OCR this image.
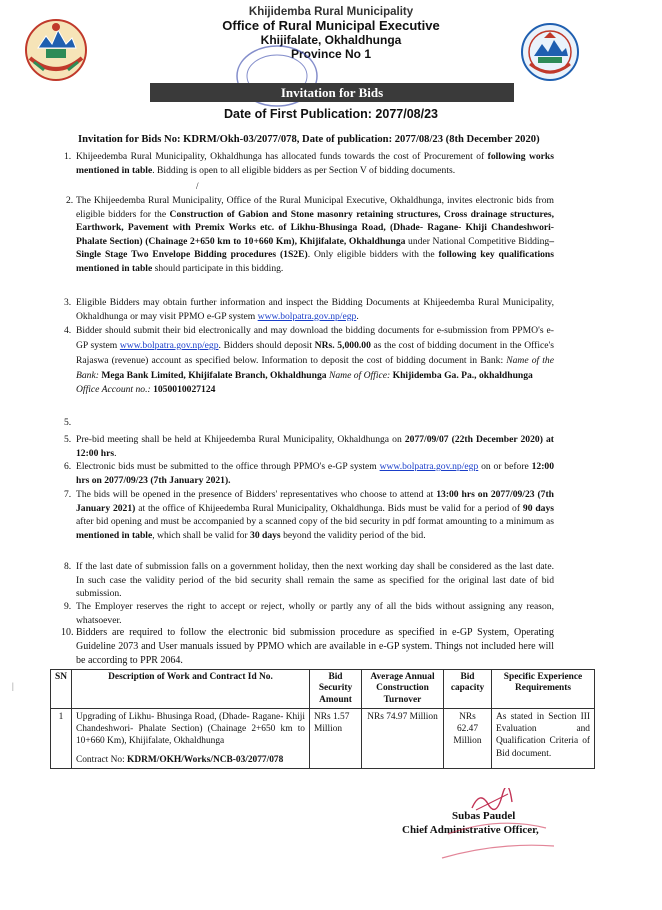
Khijidemba Rural Municipality
Office of Rural Municipal Executive
Khijifalate, Okhaldhunga
Province No 1
Invitation for Bids
Date of First Publication: 2077/08/23
Invitation for Bids No: KDRM/Okh-03/2077/078, Date of publication: 2077/08/23 (8th December 2020)
1. Khijeedemba Rural Municipality, Okhaldhunga has allocated funds towards the cost of Procurement of following works mentioned in table. Bidding is open to all eligible bidders as per Section V of bidding documents.
/
2. The Khijeedemba Rural Municipality, Office of the Rural Municipal Executive, Okhaldhunga, invites electronic bids from eligible bidders for the Construction of Gabion and Stone masonry retaining structures, Cross drainage structures, Earthwork, Pavement with Premix Works etc. of Likhu-Bhusinga Road, (Dhade- Ragane- Khiji Chandeshwori- Phalate Section) (Chainage 2+650 km to 10+660 Km), Khijifalate, Okhaldhunga under National Competitive Bidding–Single Stage Two Envelope Bidding procedures (1S2E). Only eligible bidders with the following key qualifications mentioned in table should participate in this bidding.
3. Eligible Bidders may obtain further information and inspect the Bidding Documents at Khijeedemba Rural Municipality, Okhaldhunga or may visit PPMO e-GP system www.bolpatra.gov.np/egp.
4. Bidder should submit their bid electronically and may download the bidding documents for e-submission from PPMO's e-GP system www.bolpatra.gov.np/egp. Bidders should deposit NRs. 5,000.00 as the cost of bidding document in the Office's Rajaswa (revenue) account as specified below. Information to deposit the cost of bidding document in Bank: Name of the Bank: Mega Bank Limited, Khijifalate Branch, Okhaldhunga Name of Office: Khijidemba Ga. Pa., okhaldhunga
Office Account no.: 1050010027124
5.
5. Pre-bid meeting shall be held at Khijeedemba Rural Municipality, Okhaldhunga on 2077/09/07 (22th December 2020) at 12:00 hrs.
6. Electronic bids must be submitted to the office through PPMO's e-GP system www.bolpatra.gov.np/egp on or before 12:00 hrs on 2077/09/23 (7th January 2021).
7. The bids will be opened in the presence of Bidders' representatives who choose to attend at 13:00 hrs on 2077/09/23 (7th January 2021) at the office of Khijeedemba Rural Municipality, Okhaldhunga. Bids must be valid for a period of 90 days after bid opening and must be accompanied by a scanned copy of the bid security in pdf format amounting to a minimum as mentioned in table, which shall be valid for 30 days beyond the validity period of the bid.
8. If the last date of submission falls on a government holiday, then the next working day shall be considered as the last date. In such case the validity period of the bid security shall remain the same as specified for the original last date of bid submission.
9. The Employer reserves the right to accept or reject, wholly or partly any of all the bids without assigning any reason, whatsoever.
10. Bidders are required to follow the electronic bid submission procedure as specified in e-GP System, Operating Guideline 2073 and User manuals issued by PPMO which are available in e-GP system. Things not included here will be according to PPR 2064.
|
SN	Description of Work and Contract Id No.	Bid Security Amount	Average Annual Construction Turnover	Bid capacity	Specific Experience Requirements
1	Upgrading of Likhu- Bhusinga Road, (Dhade- Ragane- Khiji Chandeshwori- Phalate Section) (Chainage 2+650 km to 10+660 Km), Khijifalate, Okhaldhunga
Contract No: KDRM/OKH/Works/NCB-03/2077/078	NRs 1.57 Million	NRs 74.97 Million	NRs 62.47 Million	As stated in Section III Evaluation and Qualification Criteria of Bid document.
Subas Paudel
Chief Administrative Officer,
